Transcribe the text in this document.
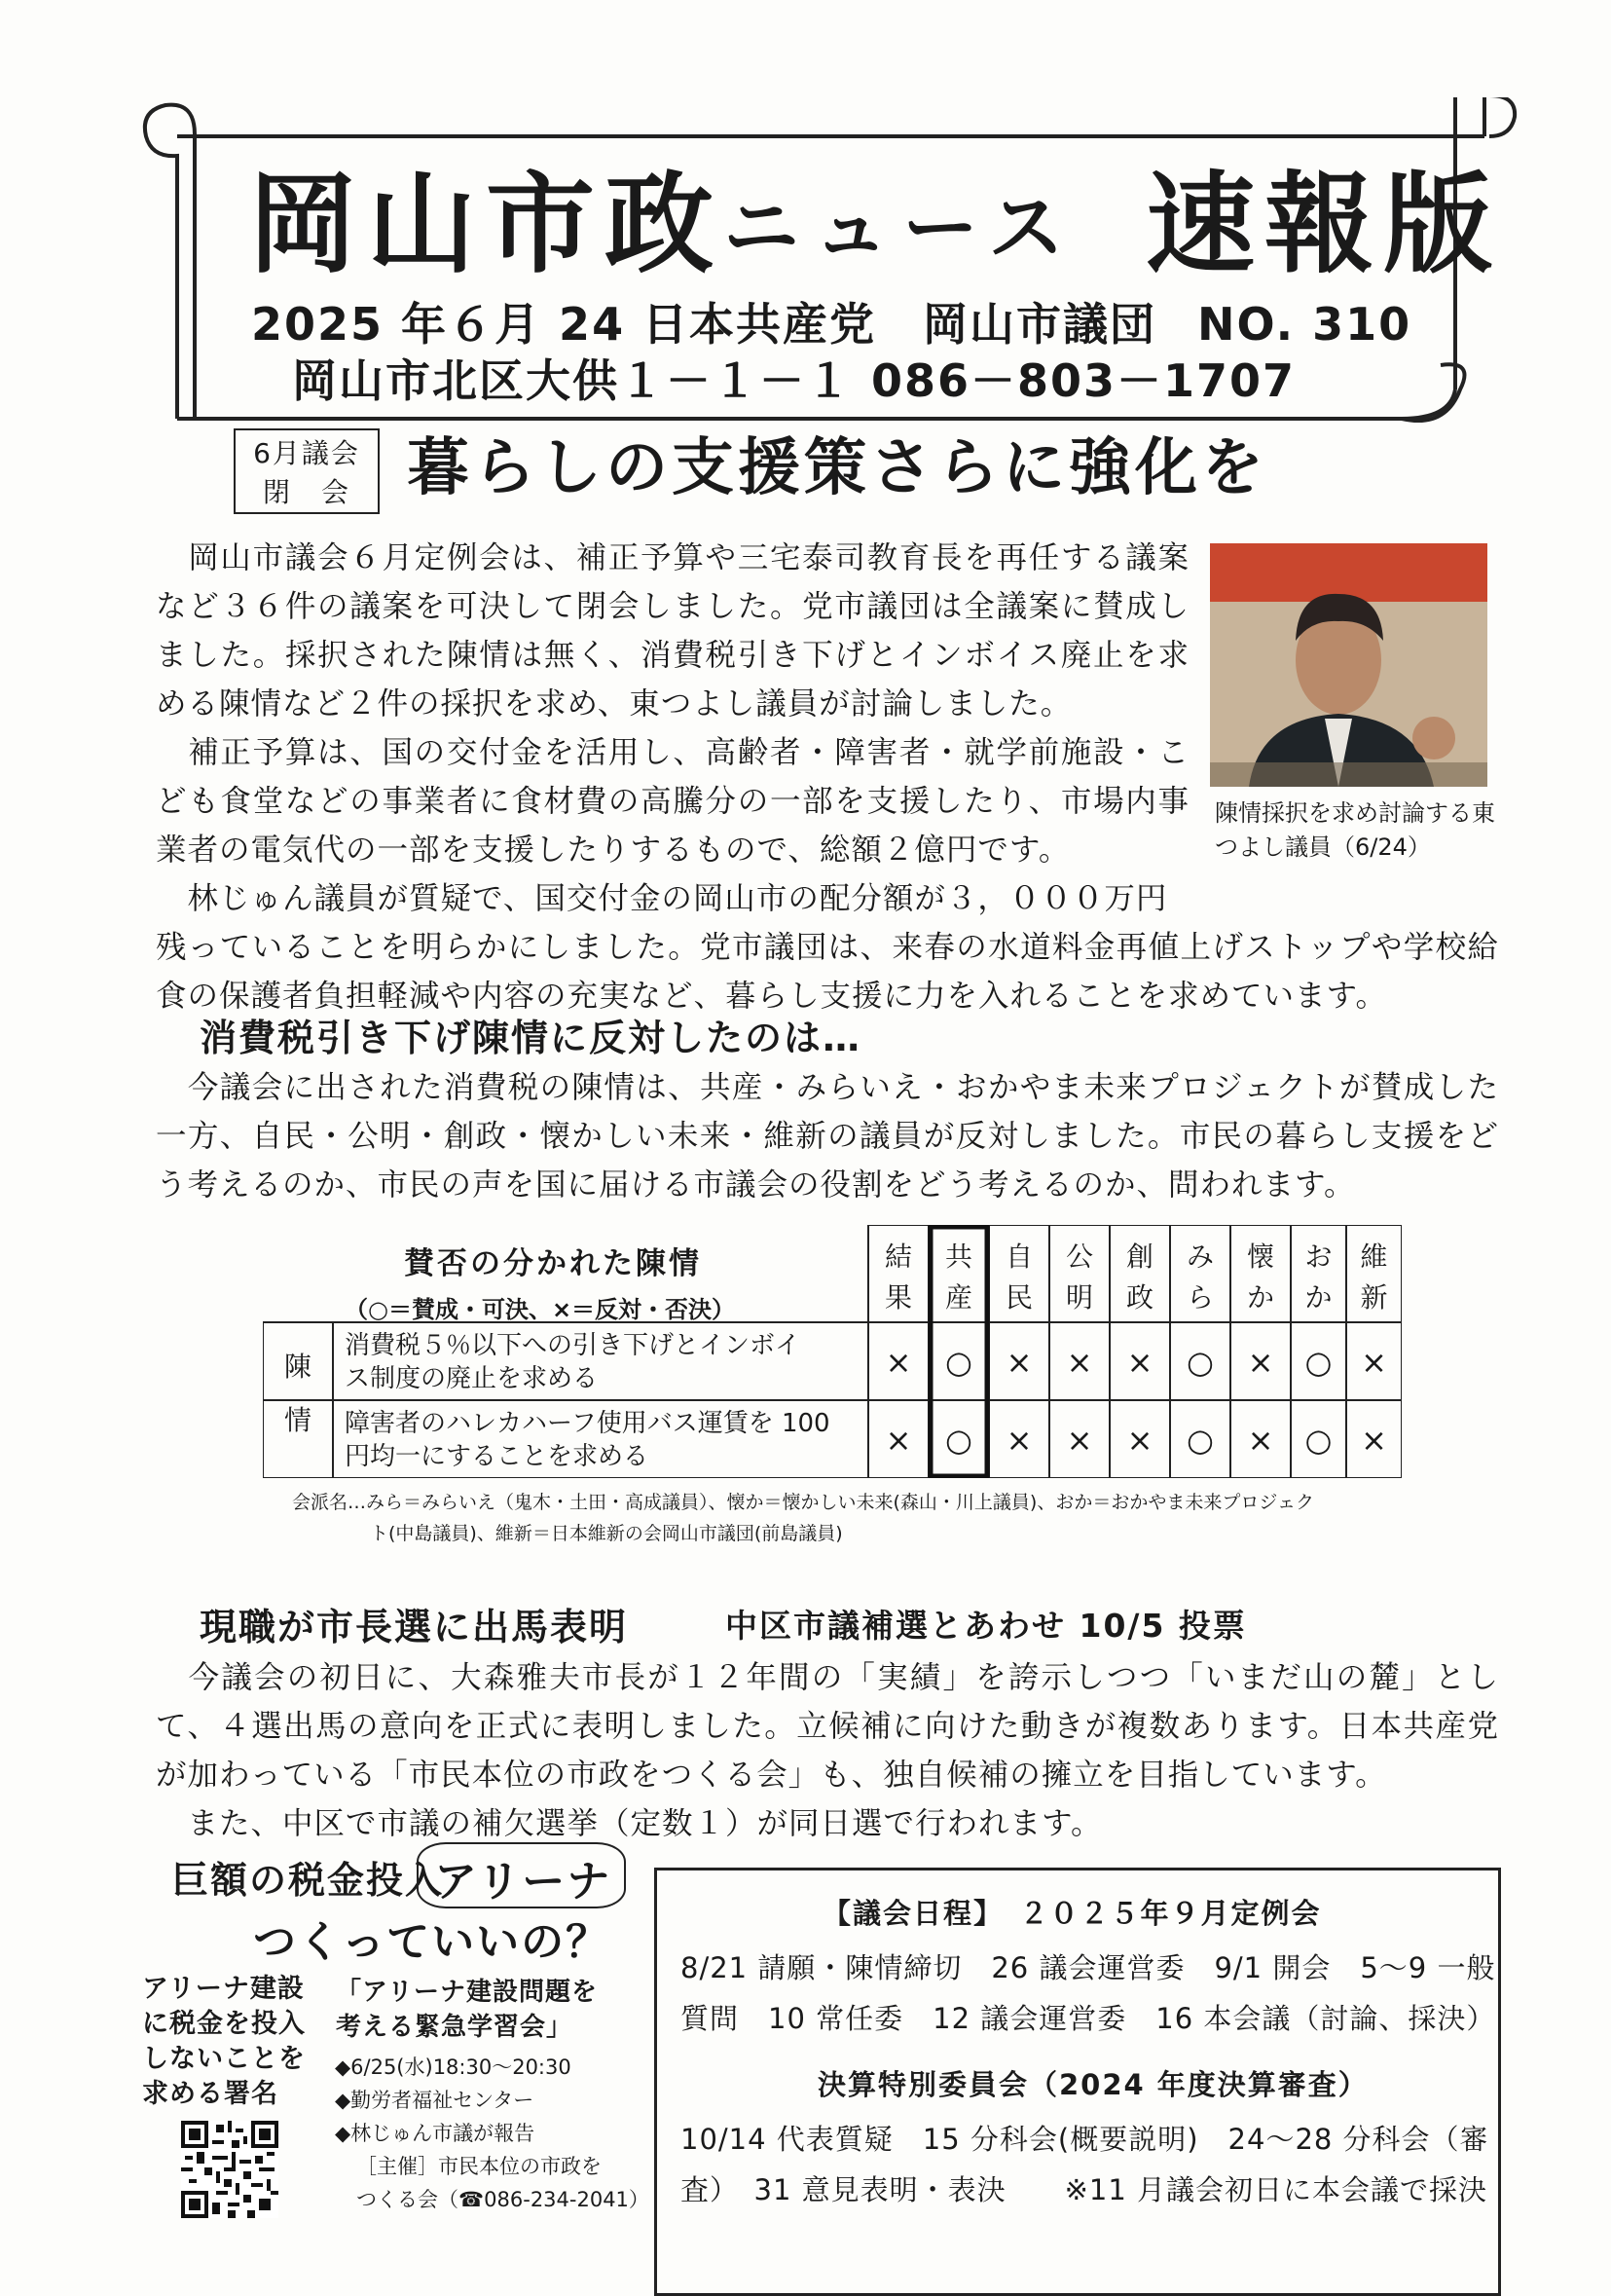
岡山市政ニュース 速報版
2025 年６月 24 日
日本共産党　岡山市議団 NO. 310
岡山市北区大供１－１－１ 086－803－1707
6月議会
閉　会 暮らしの支援策さらに強化を

　岡山市議会６月定例会は、補正予算や三宅泰司教育長を再任する議案など３６件の議案を可決して閉会しました。党市議団は全議案に賛成しました。採択された陳情は無く、消費税引き下げとインボイス廃止を求める陳情など２件の採択を求め、東つよし議員が討論しました。

　補正予算は、国の交付金を活用し、高齢者・障害者・就学前施設・こども食堂などの事業者に食材費の高騰分の一部を支援したり、市場内事業者の電気代の一部を支援したりするもので、総額２億円です。

　林じゅん議員が質疑で、国交付金の岡山市の配分額が３，０００万円

残っていることを明らかにしました。党市議団は、来春の水道料金再値上げストップや学校給食の保護者負担軽減や内容の充実など、暮らし支援に力を入れることを求めています。

陳情採択を求め討論する東つよし議員（6/24）
消費税引き下げ陳情に反対したのは…

　今議会に出された消費税の陳情は、共産・みらいえ・おかやま未来プロジェクトが賛成した一方、自民・公明・創政・懐かしい未来・維新の議員が反対しました。市民の暮らし支援をどう考えるのか、市民の声を国に届ける市議会の役割をどう考えるのか、問われます。

賛否の分かれた陳情
（○＝賛成・可決、×＝反対・否決）
陳
情
消費税５％以下への引き下げとインボイ
ス制度の廃止を求める
障害者のハレカハーフ使用バス運賃を 100
円均一にすることを求める
結
果
共
産
自
民
公
明
創
政
み
ら
懐
か
お
か
維
新
× ○ × × × ○ × ○ ×
× ○ × × × ○ × ○ ×
会派名…みら＝みらいえ（鬼木・土田・高成議員）、懐か＝懐かしい未来(森山・川上議員)、おか＝おかやま未来プロジェク
ト(中島議員)、維新＝日本維新の会岡山市議団(前島議員)
現職が市長選に出馬表明	中区市議補選とあわせ 10/5 投票

　今議会の初日に、大森雅夫市長が１２年間の「実績」を誇示しつつ「いまだ山の麓」として、４選出馬の意向を正式に表明しました。立候補に向けた動きが複数あります。日本共産党が加わっている「市民本位の市政をつくる会」も、独自候補の擁立を目指しています。

　また、中区で市議の補欠選挙（定数１）が同日選で行われます。

巨額の税金投入
アリーナ
つくっていいの？
アリーナ建設に税金を投入しないことを求める署名
「アリーナ建設問題を考える緊急学習会」
◆6/25(水)18:30～20:30
◆勤労者福祉センター
◆林じゅん市議が報告
［主催］市民本位の市政を
つくる会（☎086-234-2041）
【議会日程】　２０２５年９月定例会
8/21 請願・陳情締切　26 議会運営委　9/1 開会　5～9 一般
質問　10 常任委　12 議会運営委　16 本会議（討論、採決）
決算特別委員会（2024 年度決算審査）
10/14 代表質疑　15 分科会(概要説明)　24～28 分科会（審
査）　31 意見表明・表決　　※11 月議会初日に本会議で採決
